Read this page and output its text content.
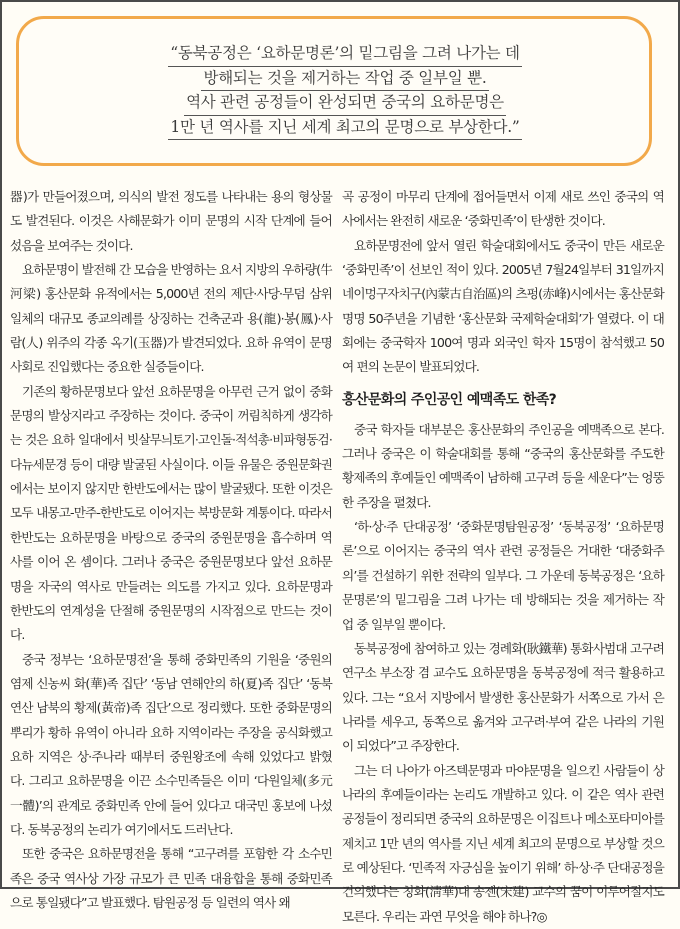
“동북공정은 ‘요하문명론’의 밑그림을 그려 나가는 데
방해되는 것을 제거하는 작업 중 일부일 뿐.
역사 관련 공정들이 완성되면 중국의 요하문명은
1만 년 역사를 지닌 세계 최고의 문명으로 부상한다.”

器)가 만들어졌으며, 의식의 발전 정도를 나타내는 용의 형상물도 발견된다. 이것은 사해문화가 이미 문명의 시작 단계에 들어섰음을 보여주는 것이다.

요하문명이 발전해 간 모습을 반영하는 요서 지방의 우하량(牛河梁) 홍산문화 유적에서는 5,000년 전의 제단·사당·무덤 삼위일체의 대규모 종교의례를 상징하는 건축군과 용(龍)·봉(鳳)·사람(人) 위주의 각종 옥기(玉器)가 발견되었다. 요하 유역이 문명사회로 진입했다는 중요한 실증들이다.

기존의 황하문명보다 앞선 요하문명을 아무런 근거 없이 중화문명의 발상지라고 주장하는 것이다. 중국이 꺼림칙하게 생각하는 것은 요하 일대에서 빗살무늬토기·고인돌·적석총·비파형동검·다뉴세문경 등이 대량 발굴된 사실이다. 이들 유물은 중원문화권에서는 보이지 않지만 한반도에서는 많이 발굴됐다. 또한 이것은 모두 내몽고-만주-한반도로 이어지는 북방문화 계통이다. 따라서 한반도는 요하문명을 바탕으로 중국의 중원문명을 흡수하며 역사를 이어 온 셈이다. 그러나 중국은 중원문명보다 앞선 요하문명을 자국의 역사로 만들려는 의도를 가지고 있다. 요하문명과 한반도의 연계성을 단절해 중원문명의 시작점으로 만드는 것이다.

중국 정부는 ‘요하문명전’을 통해 중화민족의 기원을 ‘중원의 염제 신농씨 화(華)족 집단’ ‘동남 연해안의 하(夏)족 집단’ ‘동북 연산 남북의 황제(黃帝)족 집단’으로 정리했다. 또한 중화문명의 뿌리가 황하 유역이 아니라 요하 지역이라는 주장을 공식화했고 요하 지역은 상·주나라 때부터 중원왕조에 속해 있었다고 밝혔다. 그리고 요하문명을 이끈 소수민족들은 이미 ‘다원일체(多元一體)’의 관계로 중화민족 안에 들어 있다고 대국민 홍보에 나섰다. 동북공정의 논리가 여기에서도 드러난다.

또한 중국은 요하문명전을 통해 “고구려를 포함한 각 소수민족은 중국 역사상 가장 규모가 큰 민족 대융합을 통해 중화민족으로 통일됐다”고 발표했다. 탐원공정 등 일련의 역사 왜

곡 공정이 마무리 단계에 접어들면서 이제 새로 쓰인 중국의 역사에서는 완전히 새로운 ‘중화민족’이 탄생한 것이다.

요하문명전에 앞서 열린 학술대회에서도 중국이 만든 새로운 ‘중화민족’이 선보인 적이 있다. 2005년 7월24일부터 31일까지 네이멍구자치구(內蒙古自治區)의 츠펑(赤峰)시에서는 홍산문화 명명 50주년을 기념한 ‘홍산문화 국제학술대회’가 열렸다. 이 대회에는 중국학자 100여 명과 외국인 학자 15명이 참석했고 50여 편의 논문이 발표되었다.

홍산문화의 주인공인 예맥족도 한족?

중국 학자들 대부분은 홍산문화의 주인공을 예맥족으로 본다. 그러나 중국은 이 학술대회를 통해 “중국의 홍산문화를 주도한 황제족의 후예들인 예맥족이 남하해 고구려 등을 세운다”는 엉뚱한 주장을 펼쳤다.

‘하·상·주 단대공정’ ‘중화문명탐원공정’ ‘동북공정’ ‘요하문명론’으로 이어지는 중국의 역사 관련 공정들은 거대한 ‘대중화주의’를 건설하기 위한 전략의 일부다. 그 가운데 동북공정은 ‘요하문명론’의 밑그림을 그려 나가는 데 방해되는 것을 제거하는 작업 중 일부일 뿐이다.

동북공정에 참여하고 있는 경례화(耿鐵華) 통화사범대 고구려연구소 부소장 겸 교수도 요하문명을 동북공정에 적극 활용하고 있다. 그는 “요서 지방에서 발생한 홍산문화가 서쪽으로 가서 은나라를 세우고, 동쪽으로 옮겨와 고구려·부여 같은 나라의 기원이 되었다”고 주장한다.

그는 더 나아가 아즈텍문명과 마야문명을 일으킨 사람들이 상나라의 후예들이라는 논리도 개발하고 있다. 이 같은 역사 관련 공정들이 정리되면 중국의 요하문명은 이집트나 메소포타미아를 제치고 1만 년의 역사를 지닌 세계 최고의 문명으로 부상할 것으로 예상된다. ‘민족적 자긍심을 높이기 위해’ 하·상·주 단대공정을 건의했다는 칭화(淸華)대 송젠(宋建) 교수의 꿈이 이루어질지도 모른다. 우리는 과연 무엇을 해야 하나?◎
